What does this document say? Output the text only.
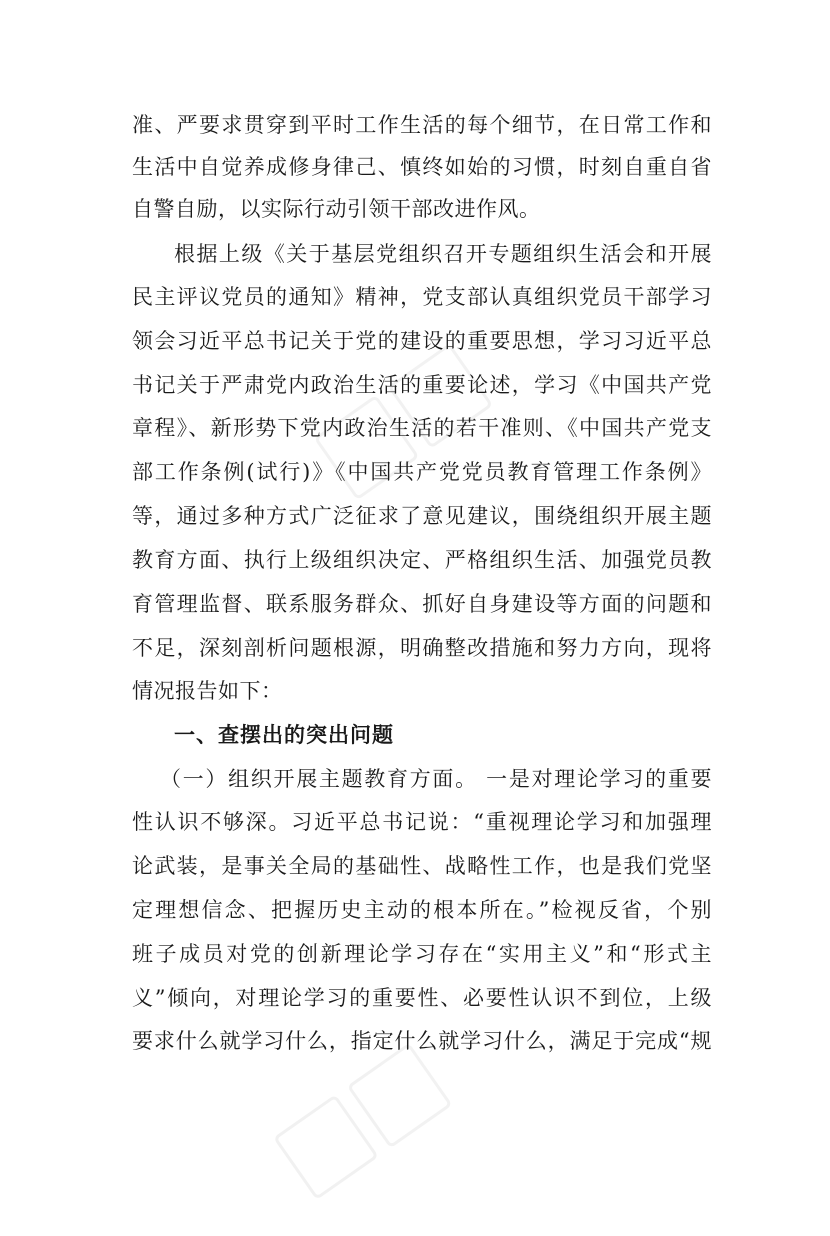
准、严要求贯穿到平时工作生活的每个细节，在日常工作和
生活中自觉养成修身律己、慎终如始的习惯，时刻自重自省
自警自励，以实际行动引领干部改进作风。
根据上级《关于基层党组织召开专题组织生活会和开展
民主评议党员的通知》精神，党支部认真组织党员干部学习
领会习近平总书记关于党的建设的重要思想，学习习近平总
书记关于严肃党内政治生活的重要论述，学习《中国共产党
章程》、新形势下党内政治生活的若干准则、《中国共产党支
部工作条例(试行)》《中国共产党党员教育管理工作条例》
等，通过多种方式广泛征求了意见建议，围绕组织开展主题
教育方面、执行上级组织决定、严格组织生活、加强党员教
育管理监督、联系服务群众、抓好自身建设等方面的问题和
不足，深刻剖析问题根源，明确整改措施和努力方向，现将
情况报告如下：
一、查摆出的突出问题
（一）组织开展主题教育方面。 一是对理论学习的重要
性认识不够深。习近平总书记说：“重视理论学习和加强理
论武装，是事关全局的基础性、战略性工作，也是我们党坚
定理想信念、把握历史主动的根本所在。”检视反省，个别
班子成员对党的创新理论学习存在“实用主义”和“形式主
义”倾向，对理论学习的重要性、必要性认识不到位，上级
要求什么就学习什么，指定什么就学习什么，满足于完成“规
